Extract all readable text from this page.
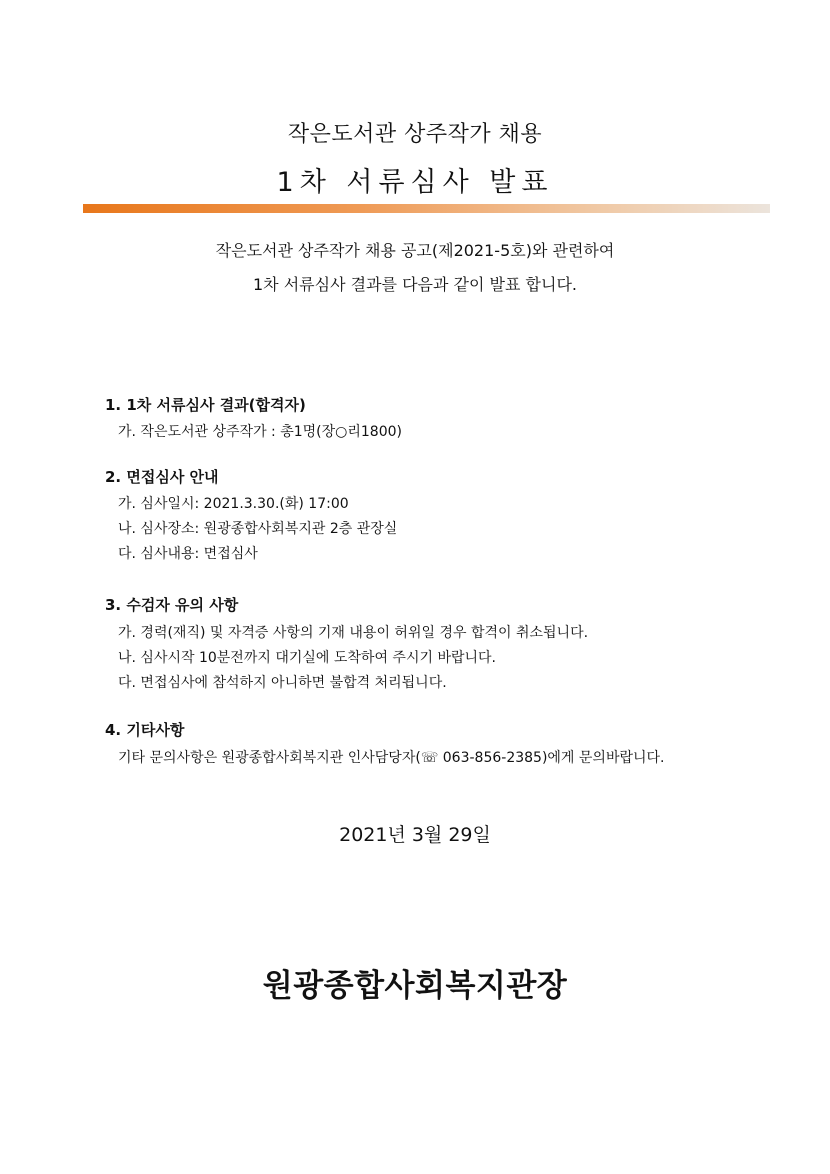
작은도서관 상주작가 채용
1차 서류심사 발표
작은도서관 상주작가 채용 공고(제2021-5호)와 관련하여
1차 서류심사 결과를 다음과 같이 발표 합니다.
1. 1차 서류심사 결과(합격자)
가. 작은도서관 상주작가 : 총1명(장○리1800)
2. 면접심사 안내
가. 심사일시: 2021.3.30.(화) 17:00
나. 심사장소: 원광종합사회복지관 2층 관장실
다. 심사내용: 면접심사
3. 수검자 유의 사항
가. 경력(재직) 및 자격증 사항의 기재 내용이 허위일 경우 합격이 취소됩니다.
나. 심사시작 10분전까지 대기실에 도착하여 주시기 바랍니다.
다. 면접심사에 참석하지 아니하면 불합격 처리됩니다.
4. 기타사항
기타 문의사항은 원광종합사회복지관 인사담당자(☏ 063-856-2385)에게 문의바랍니다.
2021년 3월 29일
원광종합사회복지관장
